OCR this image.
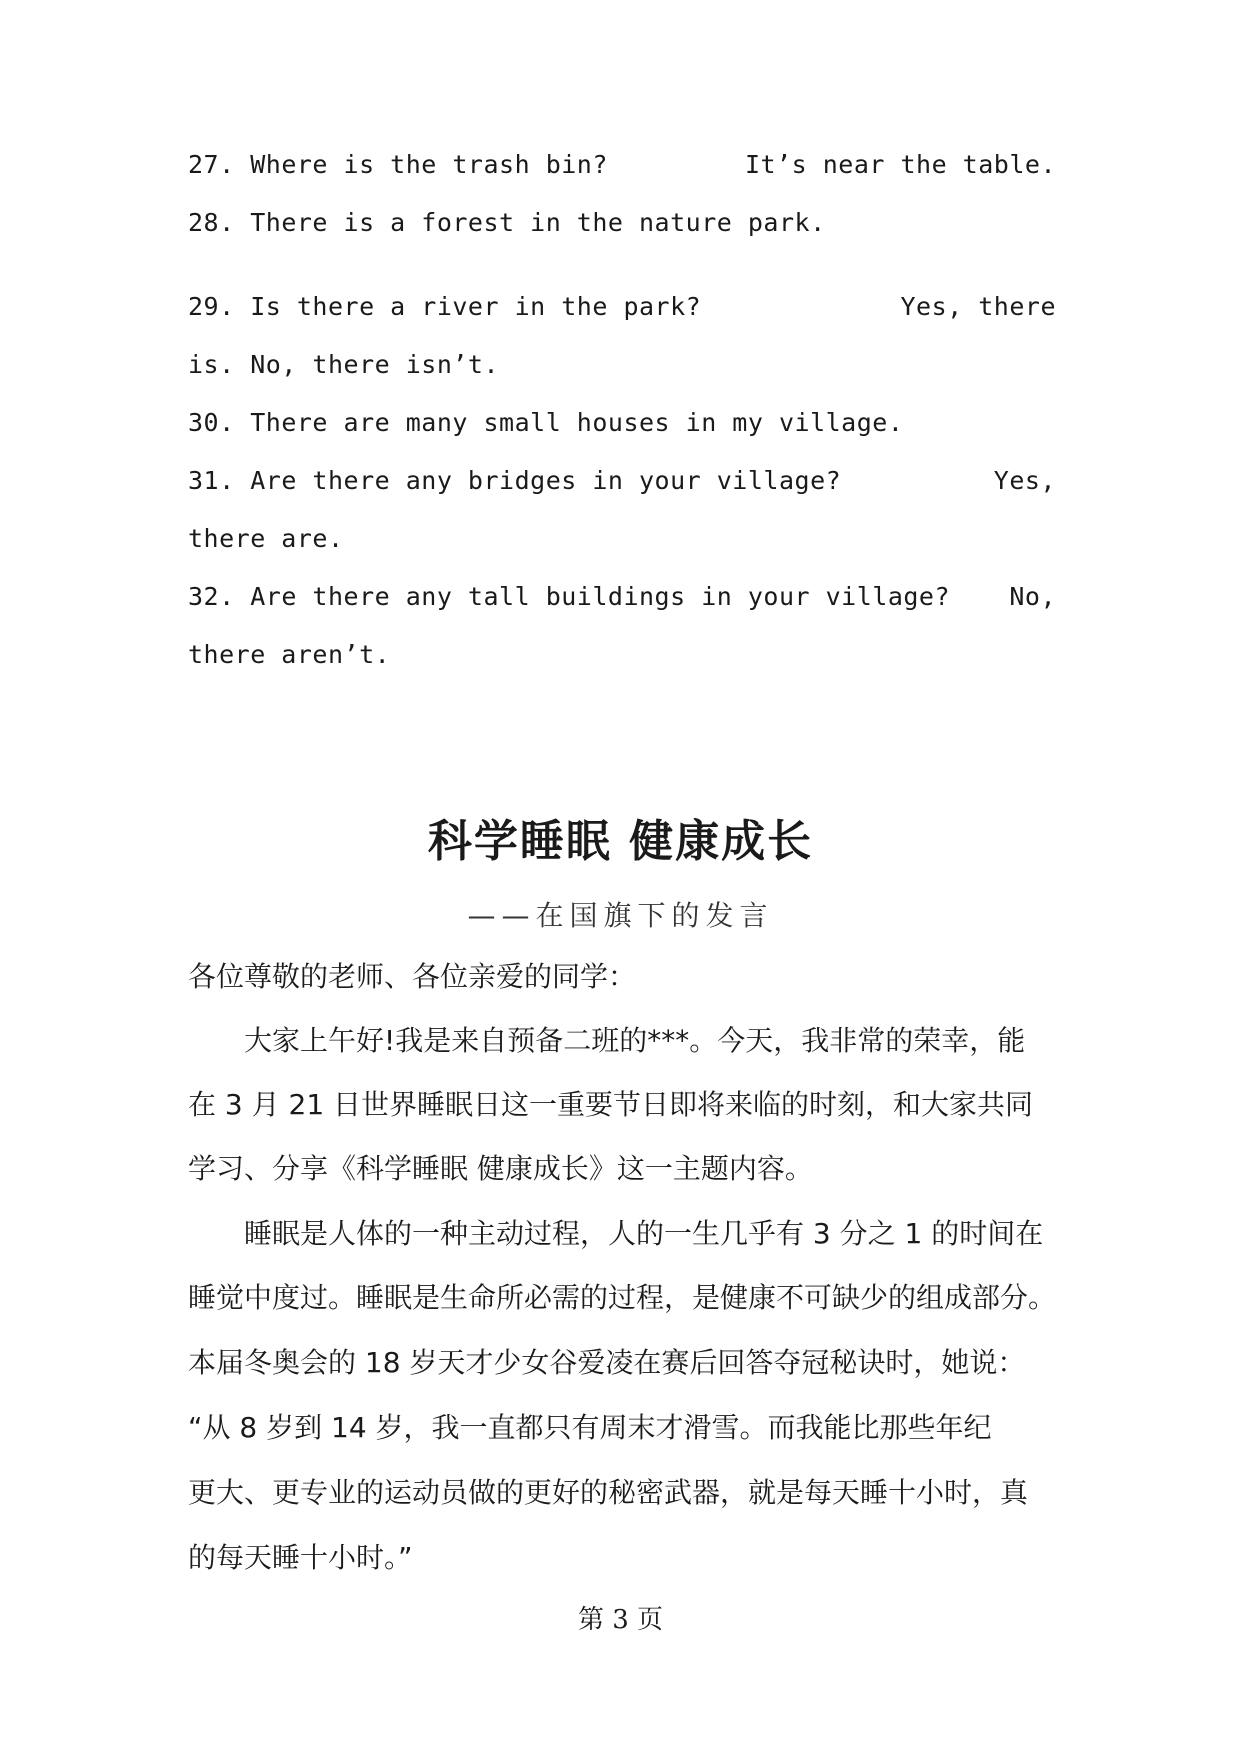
27. Where is the trash bin?	It’s near the table.
28. There is a forest in the nature park.
29. Is there a river in the park?	Yes, there
is. No, there isn’t.
30. There are many small houses in my village.
31. Are there any bridges in your village?	Yes,
there are.
32. Are there any tall buildings in your village? No,
there aren’t.
科学睡眠 健康成长
——在国旗下的发言
各位尊敬的老师、各位亲爱的同学：
　　大家上午好!我是来自预备二班的***。今天，我非常的荣幸，能
在 3 月 21 日世界睡眠日这一重要节日即将来临的时刻，和大家共同
学习、分享《科学睡眠 健康成长》这一主题内容。
　　睡眠是人体的一种主动过程，人的一生几乎有 3 分之 1 的时间在
睡觉中度过。睡眠是生命所必需的过程，是健康不可缺少的组成部分。
本届冬奥会的 18 岁天才少女谷爱凌在赛后回答夺冠秘诀时，她说：
“从 8 岁到 14 岁，我一直都只有周末才滑雪。而我能比那些年纪
更大、更专业的运动员做的更好的秘密武器，就是每天睡十小时，真
的每天睡十小时。”
第 3 页
